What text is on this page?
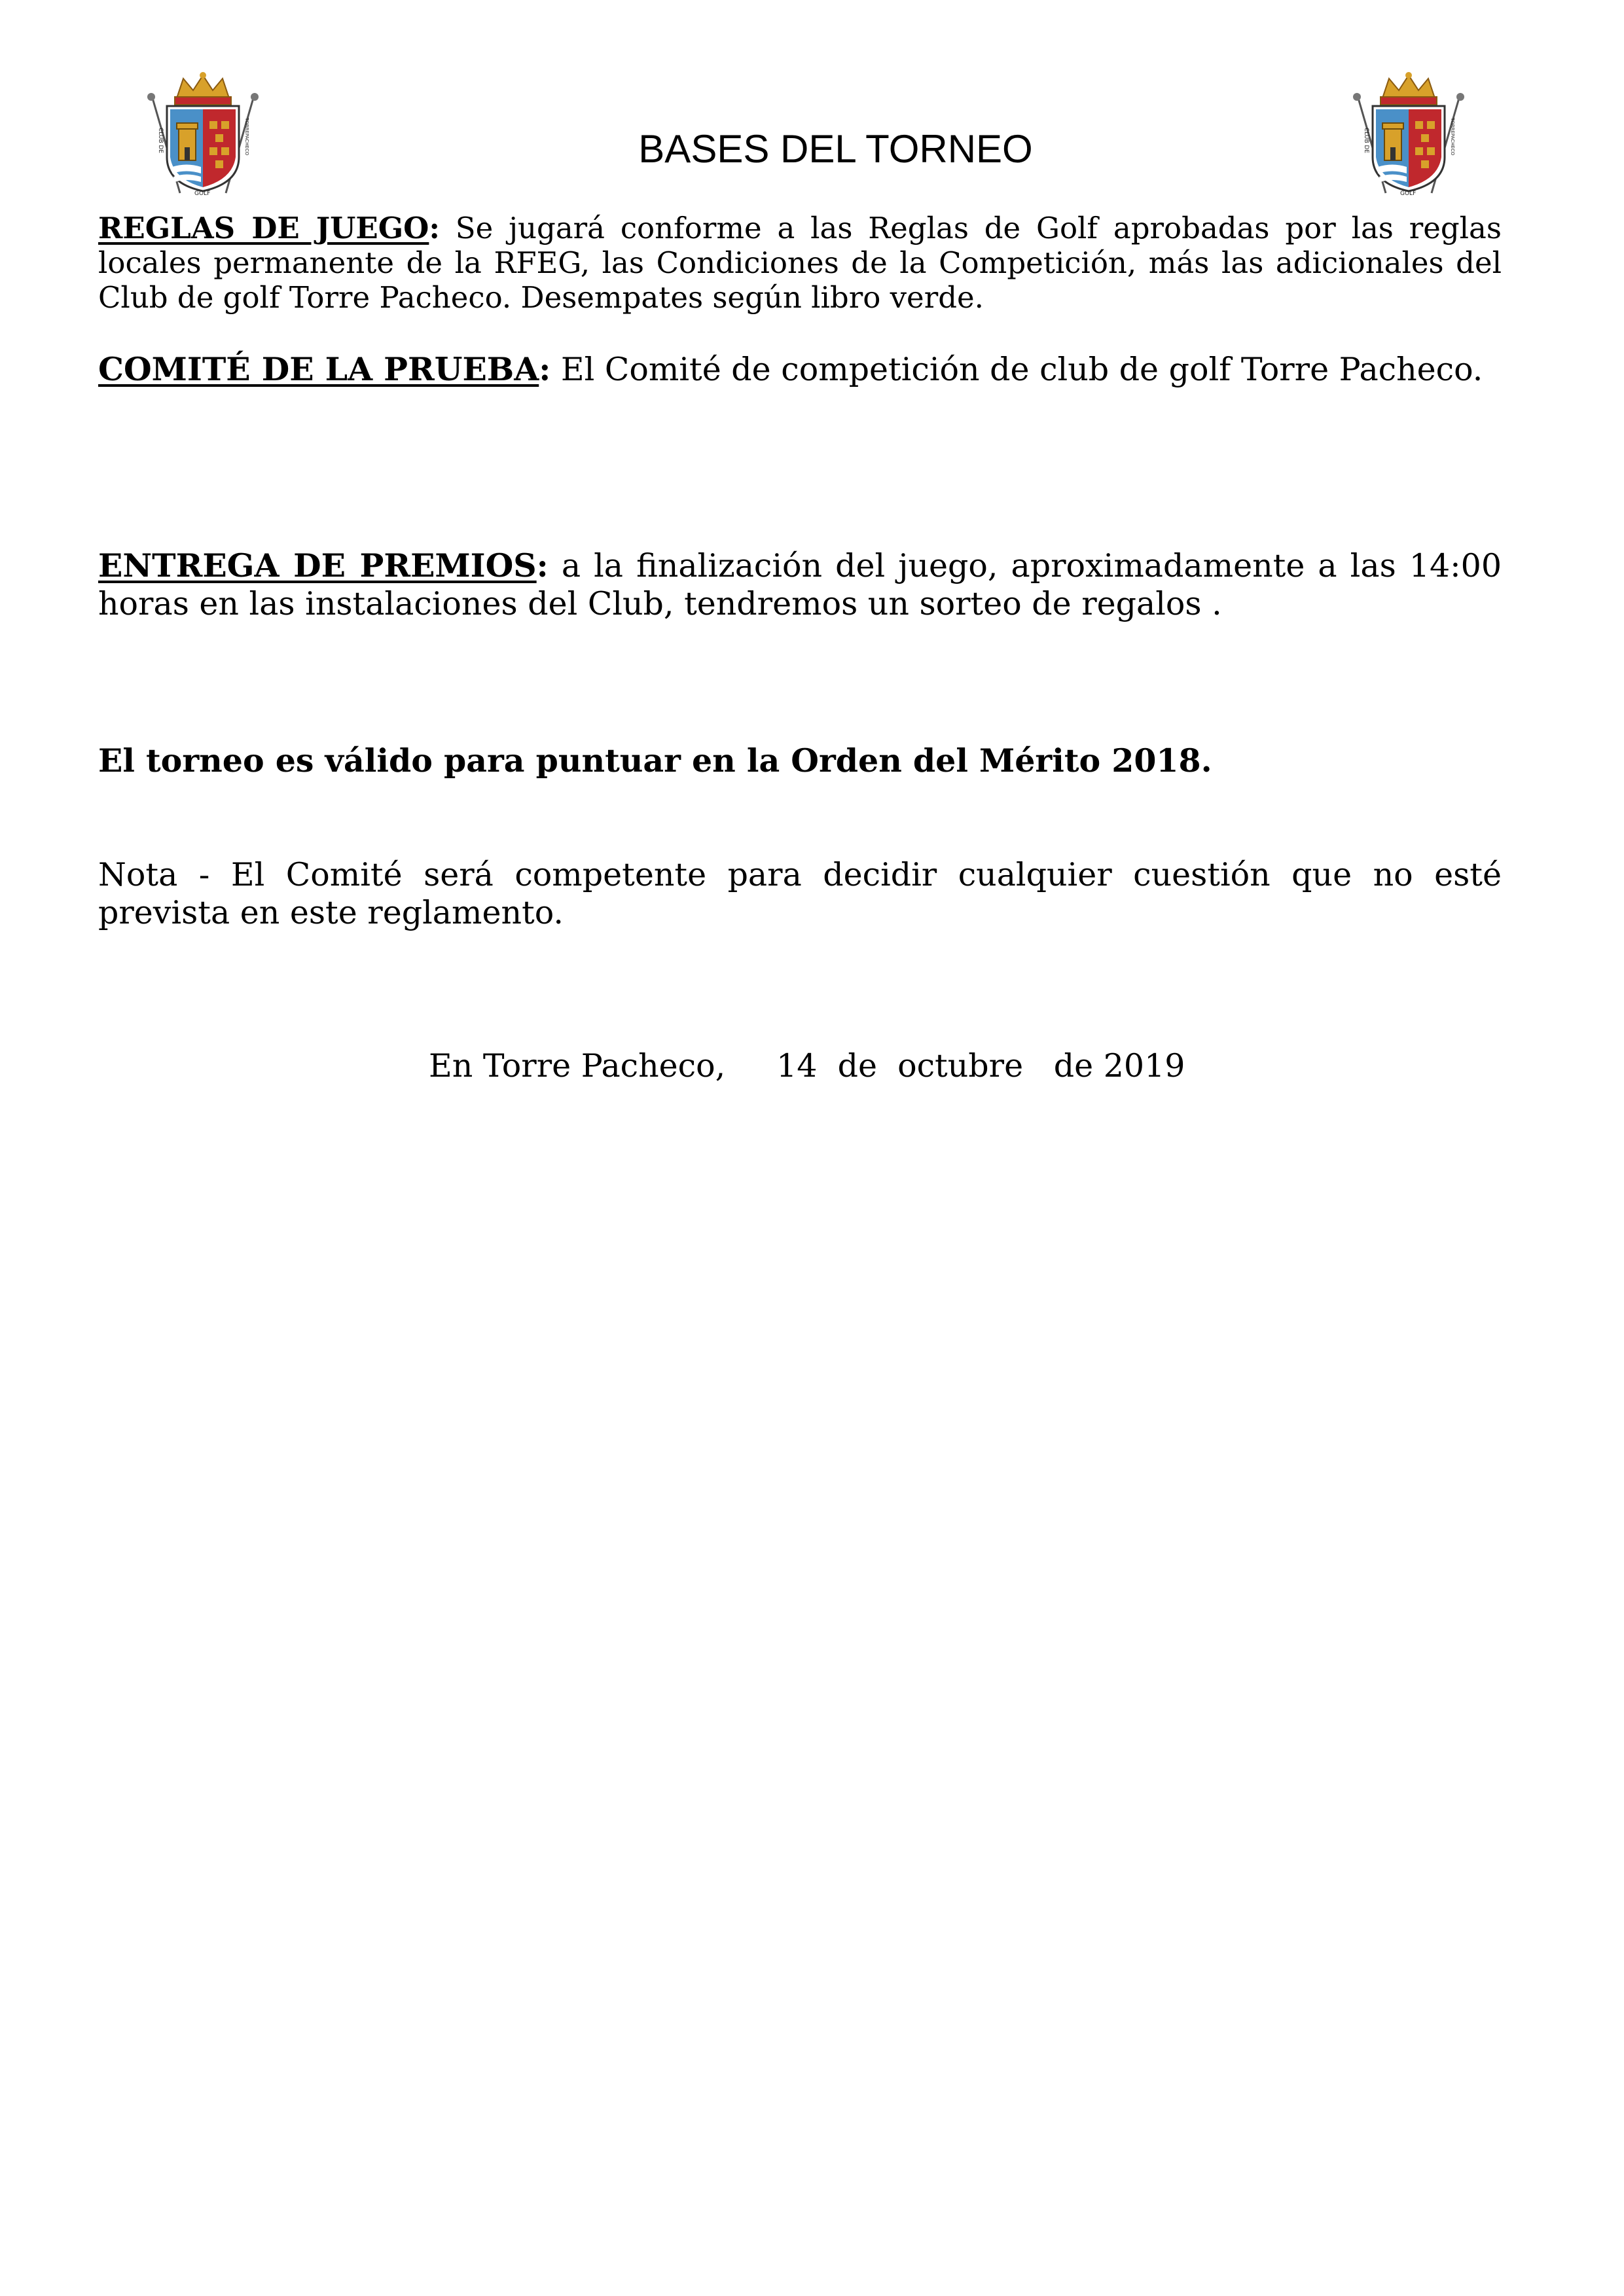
CLUB DE	TORREPACHECO
GOLF
CLUB DE	TORREPACHECO
GOLF
BASES DEL TORNEO
REGLAS DE JUEGO: Se jugará conforme a las Reglas de Golf aprobadas por las reglas locales permanente de la RFEG, las Condiciones de la Competición, más las adicionales del Club de golf Torre Pacheco. Desempates según libro verde.
COMITÉ DE LA PRUEBA: El Comité de competición de club de golf Torre Pacheco.
ENTREGA DE PREMIOS: a la finalización del juego, aproximadamente a las 14:00 horas en las instalaciones del Club, tendremos un sorteo de regalos .
El torneo es válido para puntuar en la Orden del Mérito 2018.
Nota - El Comité será competente para decidir cualquier cuestión que no esté prevista en este reglamento.
En Torre Pacheco,     14  de  octubre   de 2019
